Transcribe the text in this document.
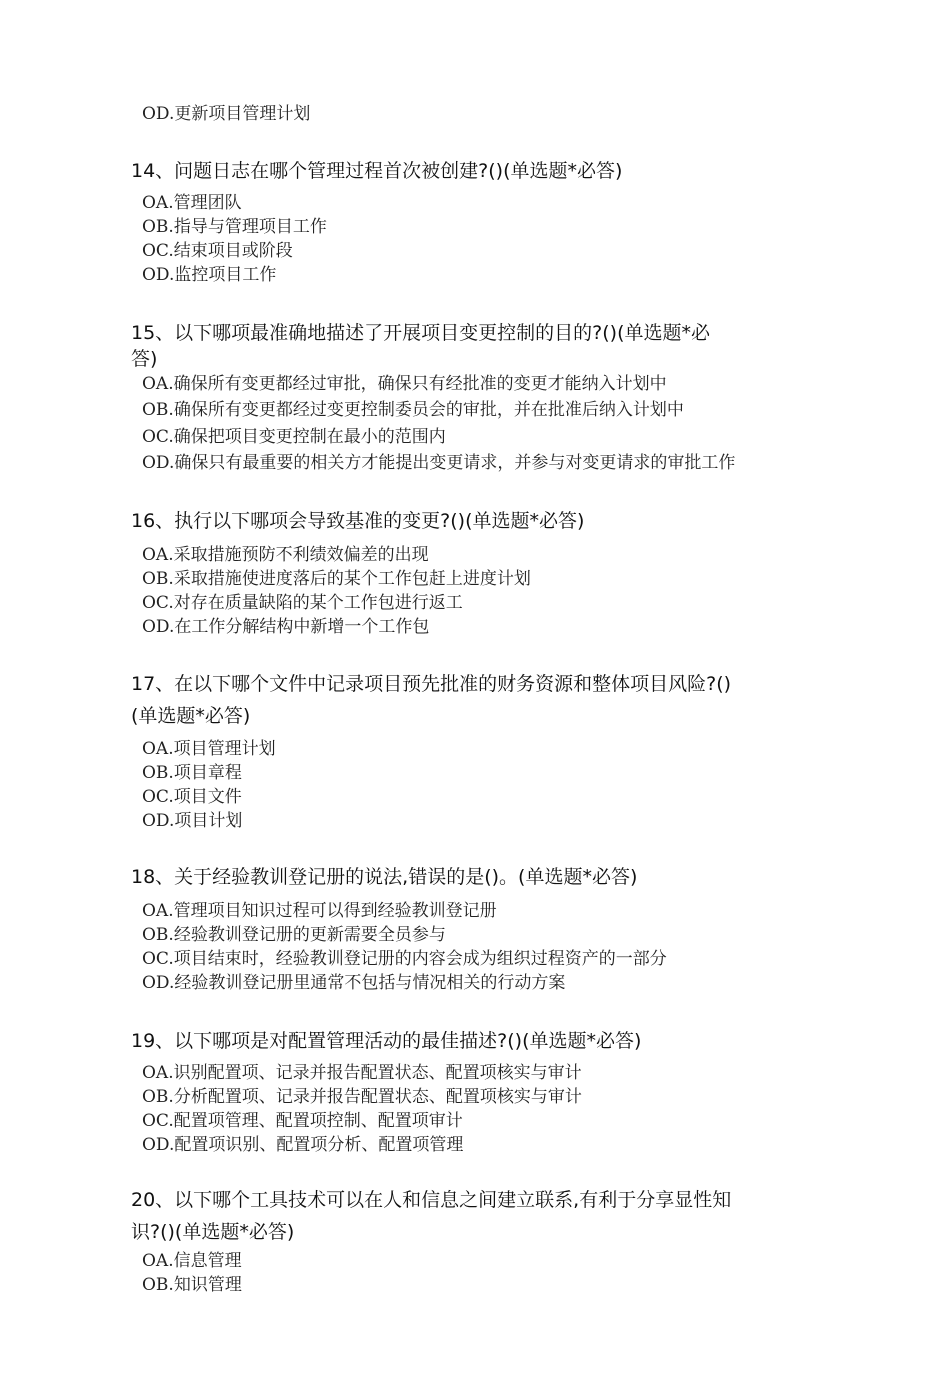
OD.更新项目管理计划
14、问题日志在哪个管理过程首次被创建?()(单选题*必答)
OA.管理团队
OB.指导与管理项目工作
OC.结束项目或阶段
OD.监控项目工作
15、以下哪项最准确地描述了开展项目变更控制的目的?()(单选题*必
答)
OA.确保所有变更都经过审批，确保只有经批准的变更才能纳入计划中
OB.确保所有变更都经过变更控制委员会的审批，并在批准后纳入计划中
OC.确保把项目变更控制在最小的范围内
OD.确保只有最重要的相关方才能提出变更请求，并参与对变更请求的审批工作
16、执行以下哪项会导致基准的变更?()(单选题*必答)
OA.采取措施预防不利绩效偏差的出现
OB.采取措施使进度落后的某个工作包赶上进度计划
OC.对存在质量缺陷的某个工作包进行返工
OD.在工作分解结构中新增一个工作包
17、在以下哪个文件中记录项目预先批准的财务资源和整体项目风险?()
(单选题*必答)
OA.项目管理计划
OB.项目章程
OC.项目文件
OD.项目计划
18、关于经验教训登记册的说法,错误的是()。(单选题*必答)
OA.管理项目知识过程可以得到经验教训登记册
OB.经验教训登记册的更新需要全员参与
OC.项目结束时，经验教训登记册的内容会成为组织过程资产的一部分
OD.经验教训登记册里通常不包括与情况相关的行动方案
19、以下哪项是对配置管理活动的最佳描述?()(单选题*必答)
OA.识别配置项、记录并报告配置状态、配置项核实与审计
OB.分析配置项、记录并报告配置状态、配置项核实与审计
OC.配置项管理、配置项控制、配置项审计
OD.配置项识别、配置项分析、配置项管理
20、以下哪个工具技术可以在人和信息之间建立联系,有利于分享显性知
识?()(单选题*必答)
OA.信息管理
OB.知识管理
